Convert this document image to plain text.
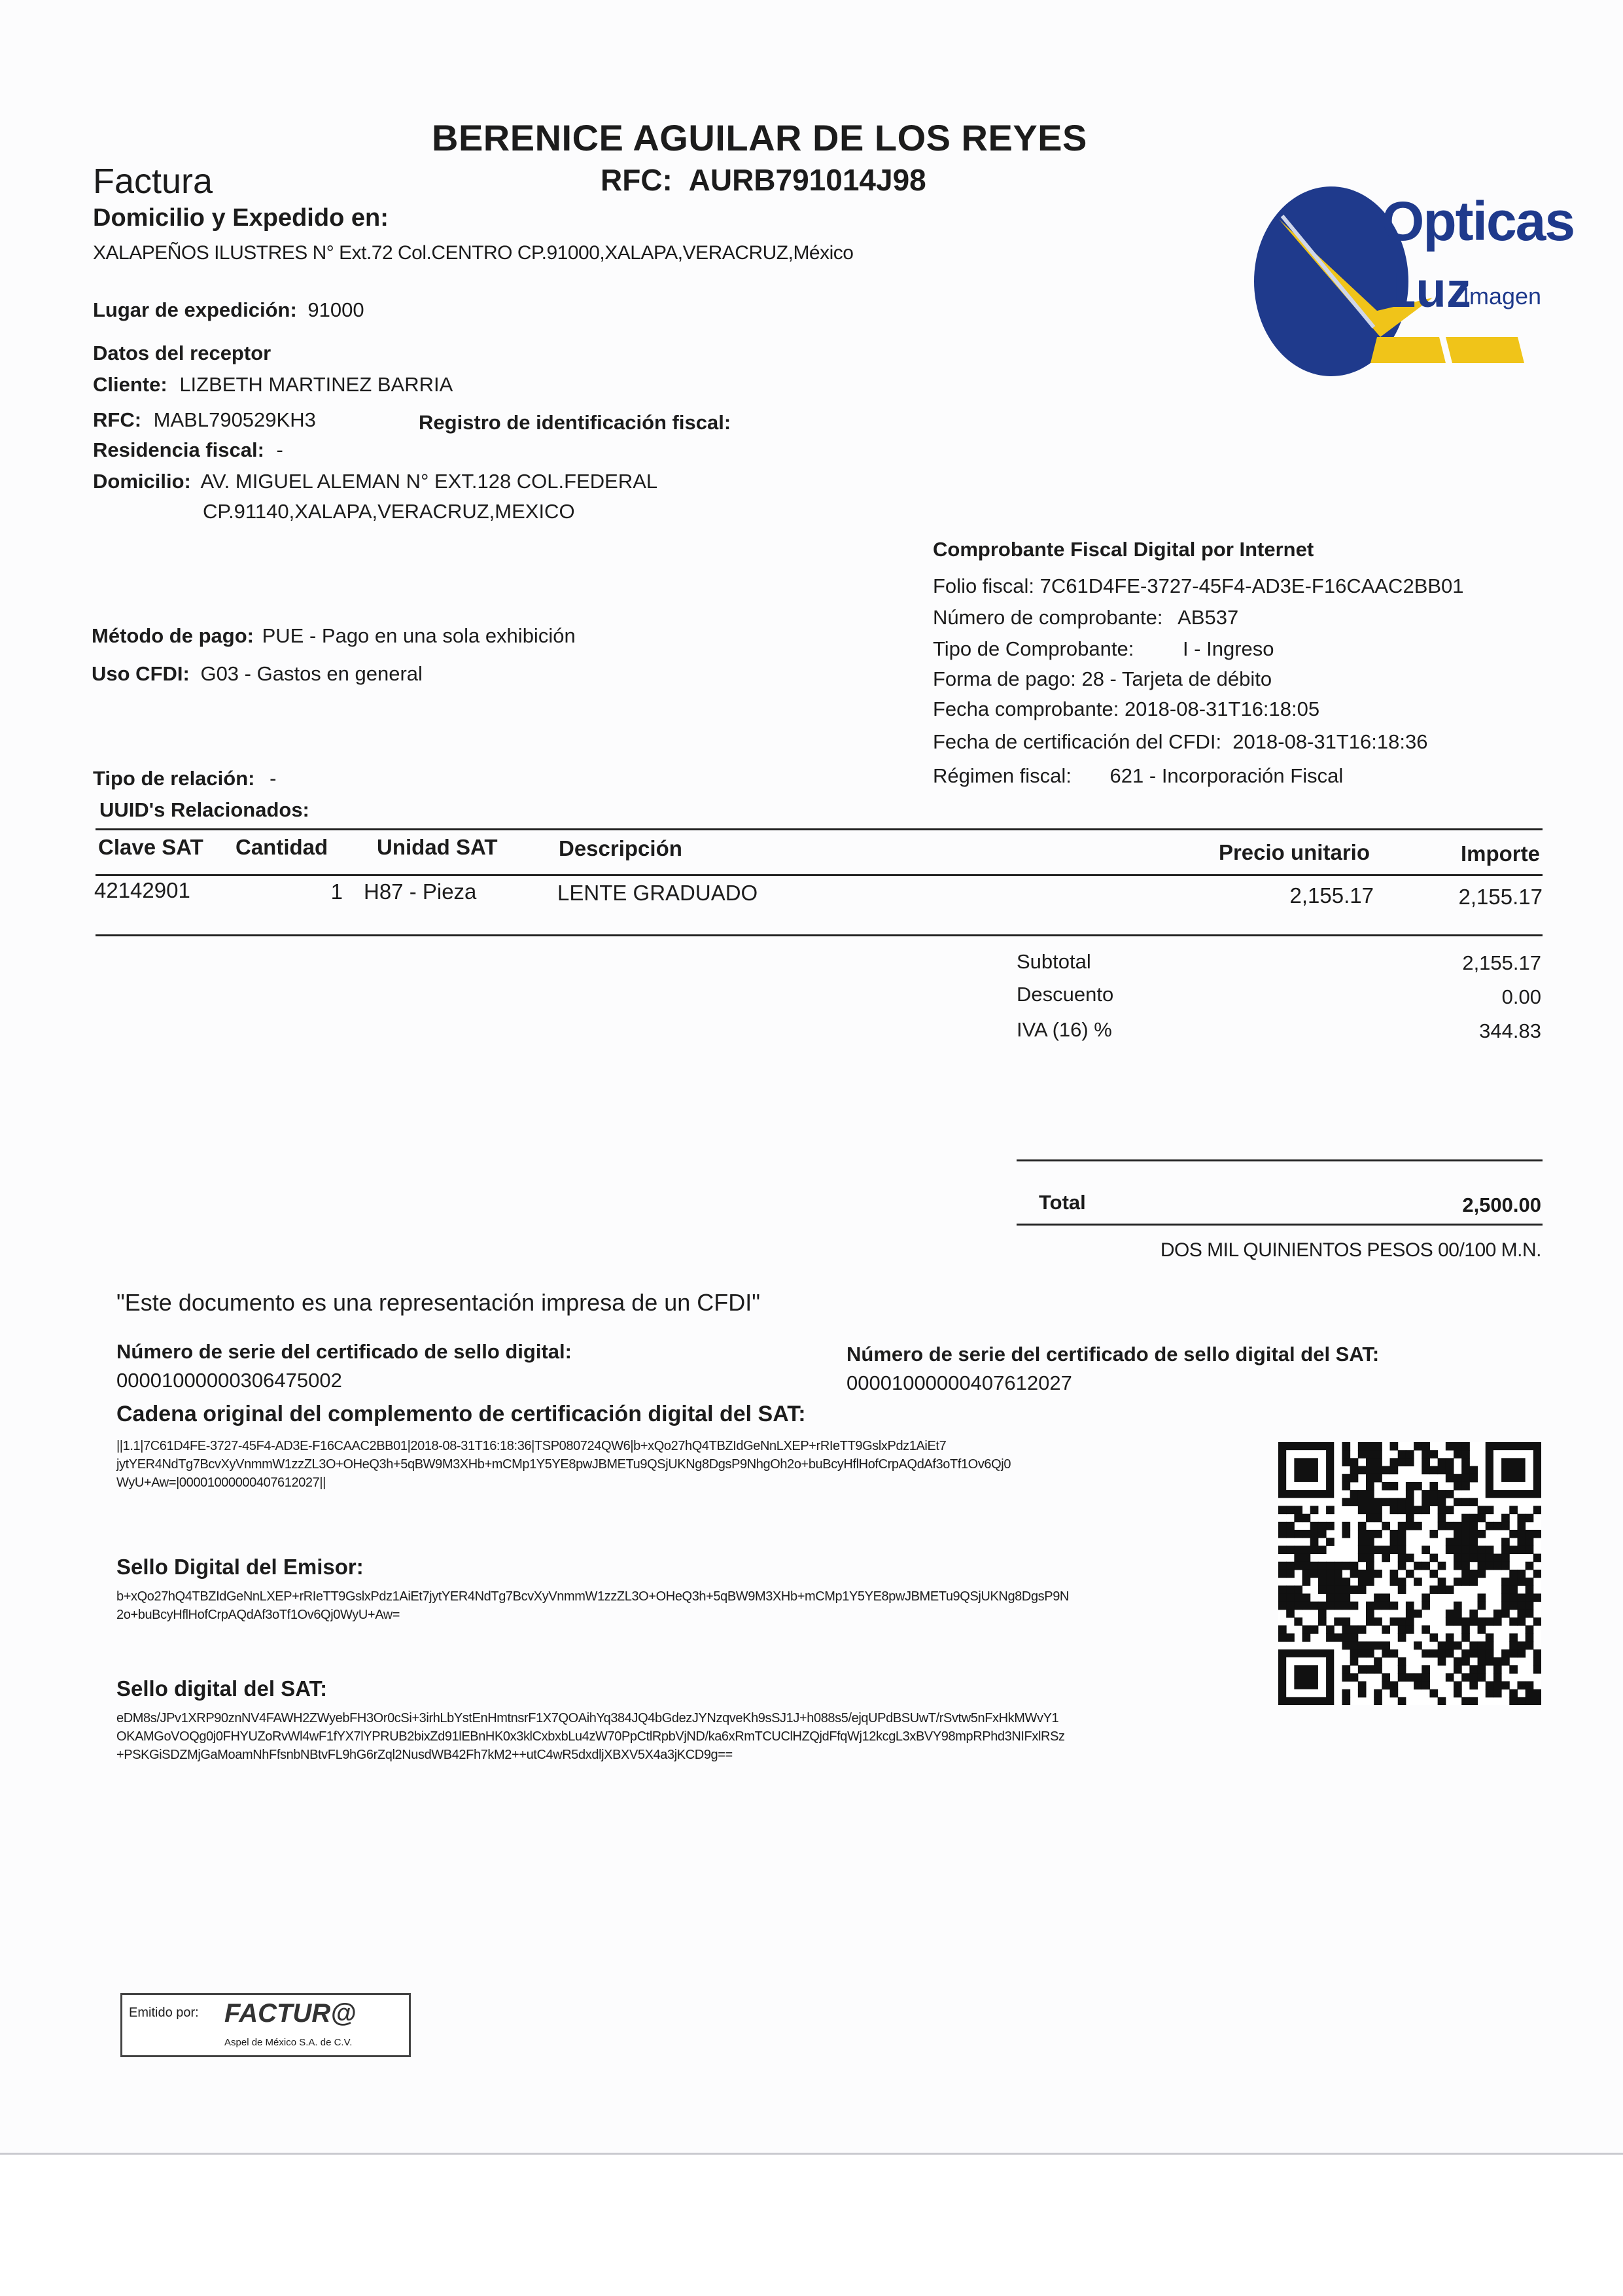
BERENICE AGUILAR DE LOS REYES
RFC: AURB791014J98
Factura
Domicilio y Expedido en:
XALAPEÑOS ILUSTRES N° Ext.72 Col.CENTRO CP.91000,XALAPA,VERACRUZ,México
Lugar de expedición: 91000
Opticas
Luz
Imagen
Datos del receptor
Cliente: LIZBETH MARTINEZ BARRIA
RFC: MABL790529KH3	Registro de identificación fiscal:
Residencia fiscal: -
Domicilio: AV. MIGUEL ALEMAN N° EXT.128 COL.FEDERAL
CP.91140,XALAPA,VERACRUZ,MEXICO
Comprobante Fiscal Digital por Internet
Folio fiscal: 7C61D4FE-3727-45F4-AD3E-F16CAAC2BB01
Número de comprobante: AB537
Tipo de Comprobante: I - Ingreso
Forma de pago: 28 - Tarjeta de débito
Fecha comprobante: 2018-08-31T16:18:05
Fecha de certificación del CFDI:  2018-08-31T16:18:36
Régimen fiscal: 621 - Incorporación Fiscal
Método de pago: PUE - Pago en una sola exhibición
Uso CFDI: G03 - Gastos en general
Tipo de relación: -
UUID's Relacionados:
Clave SAT Cantidad Unidad SAT	Descripción	Precio unitario	Importe
42142901	1 H87 - Pieza	LENTE GRADUADO	2,155.17	2,155.17
Subtotal	2,155.17
Descuento	0.00
IVA (16) %	344.83
Total	2,500.00
DOS MIL QUINIENTOS PESOS 00/100 M.N.
"Este documento es una representación impresa de un CFDI"
Número de serie del certificado de sello digital:
00001000000306475002
Número de serie del certificado de sello digital del SAT:
00001000000407612027
Cadena original del complemento de certificación digital del SAT:
||1.1|7C61D4FE-3727-45F4-AD3E-F16CAAC2BB01|2018-08-31T16:18:36|TSP080724QW6|b+xQo27hQ4TBZIdGeNnLXEP+rRIeTT9GslxPdz1AiEt7
jytYER4NdTg7BcvXyVnmmW1zzZL3O+OHeQ3h+5qBW9M3XHb+mCMp1Y5YE8pwJBMETu9QSjUKNg8DgsP9NhgOh2o+buBcyHflHofCrpAQdAf3oTf1Ov6Qj0
WyU+Aw=|00001000000407612027||
Sello Digital del Emisor:
b+xQo27hQ4TBZIdGeNnLXEP+rRIeTT9GslxPdz1AiEt7jytYER4NdTg7BcvXyVnmmW1zzZL3O+OHeQ3h+5qBW9M3XHb+mCMp1Y5YE8pwJBMETu9QSjUKNg8DgsP9N
2o+buBcyHflHofCrpAQdAf3oTf1Ov6Qj0WyU+Aw=
Sello digital del SAT:
eDM8s/JPv1XRP90znNV4FAWH2ZWyebFH3Or0cSi+3irhLbYstEnHmtnsrF1X7QOAihYq384JQ4bGdezJYNzqveKh9sSJ1J+h088s5/ejqUPdBSUwT/rSvtw5nFxHkMWvY1
OKAMGoVOQg0j0FHYUZoRvWl4wF1fYX7lYPRUB2bixZd91lEBnHK0x3klCxbxbLu4zW70PpCtlRpbVjND/ka6xRmTCUClHZQjdFfqWj12kcgL3xBVY98mpRPhd3NIFxlRSz
+PSKGiSDZMjGaMoamNhFfsnbNBtvFL9hG6rZql2NusdWB42Fh7kM2++utC4wR5dxdljXBXV5X4a3jKCD9g==
Emitido por: FACTUR@
Aspel de México S.A. de C.V.
